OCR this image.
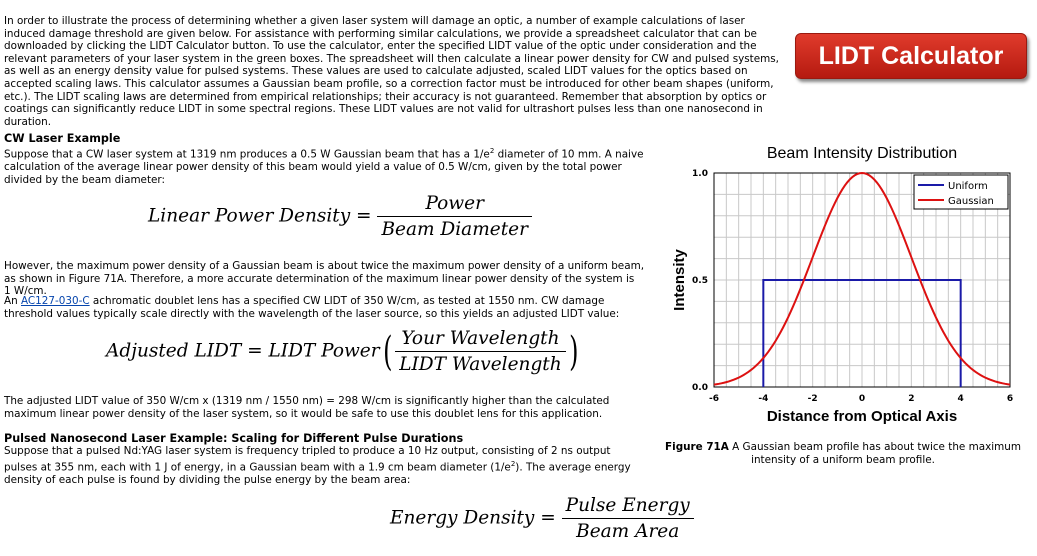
In order to illustrate the process of determining whether a given laser system will damage an optic, a number of example calculations of laser induced damage threshold are given below. For assistance with performing similar calculations, we provide a spreadsheet calculator that can be downloaded by clicking the LIDT Calculator button. To use the calculator, enter the specified LIDT value of the optic under consideration and the relevant parameters of your laser system in the green boxes. The spreadsheet will then calculate a linear power density for CW and pulsed systems, as well as an energy density value for pulsed systems. These values are used to calculate adjusted, scaled LIDT values for the optics based on accepted scaling laws. This calculator assumes a Gaussian beam profile, so a correction factor must be introduced for other beam shapes (uniform, etc.). The LIDT scaling laws are determined from empirical relationships; their accuracy is not guaranteed. Remember that absorption by optics or coatings can significantly reduce LIDT in some spectral regions. These LIDT values are not valid for ultrashort pulses less than one nanosecond in duration.
LIDT Calculator
CW Laser Example
Suppose that a CW laser system at 1319 nm produces a 0.5 W Gaussian beam that has a $1/e^2$ diameter of 10 mm. A naive calculation of the average linear power density of this beam would yield a value of 0.5 W/cm, given by the total power divided by the beam diameter:
Linear Power Density = $\frac{\text{Power}}{\text{Beam Diameter}}$
However, the maximum power density of a Gaussian beam is about twice the maximum power density of a uniform beam, as shown in Figure 71A. Therefore, a more accurate determination of the maximum linear power density of the system is 1 W/cm.
An AC127-030-C achromatic doublet lens has a specified CW LIDT of 350 W/cm, as tested at 1550 nm. CW damage threshold values typically scale directly with the wavelength of the laser source, so this yields an adjusted LIDT value:
Adjusted LIDT = LIDT Power( $\frac{\text{Your Wavelength}}{\text{LIDT Wavelength}}$ )
The adjusted LIDT value of 350 W/cm x (1319 nm / 1550 nm) = 298 W/cm is significantly higher than the calculated maximum linear power density of the laser system, so it would be safe to use this doublet lens for this application.
Pulsed Nanosecond Laser Example: Scaling for Different Pulse Durations
Suppose that a pulsed Nd:YAG laser system is frequency tripled to produce a 10 Hz output, consisting of 2 ns output pulses at 355 nm, each with 1 J of energy, in a Gaussian beam with a 1.9 cm beam diameter $(1/e^2)$. The average energy density of each pulse is found by dividing the pulse energy by the beam area:
Energy Density = $\frac{\text{Pulse Energy}}{\text{Beam Area}}$
Beam Intensity Distribution
-6	-4	-2	0	2	4	6
0.0
0.5
1.0
Distance from Optical Axis
Intensity
Uniform
Gaussian
Figure 71A A Gaussian beam profile has about twice the maximum intensity of a uniform beam profile.
